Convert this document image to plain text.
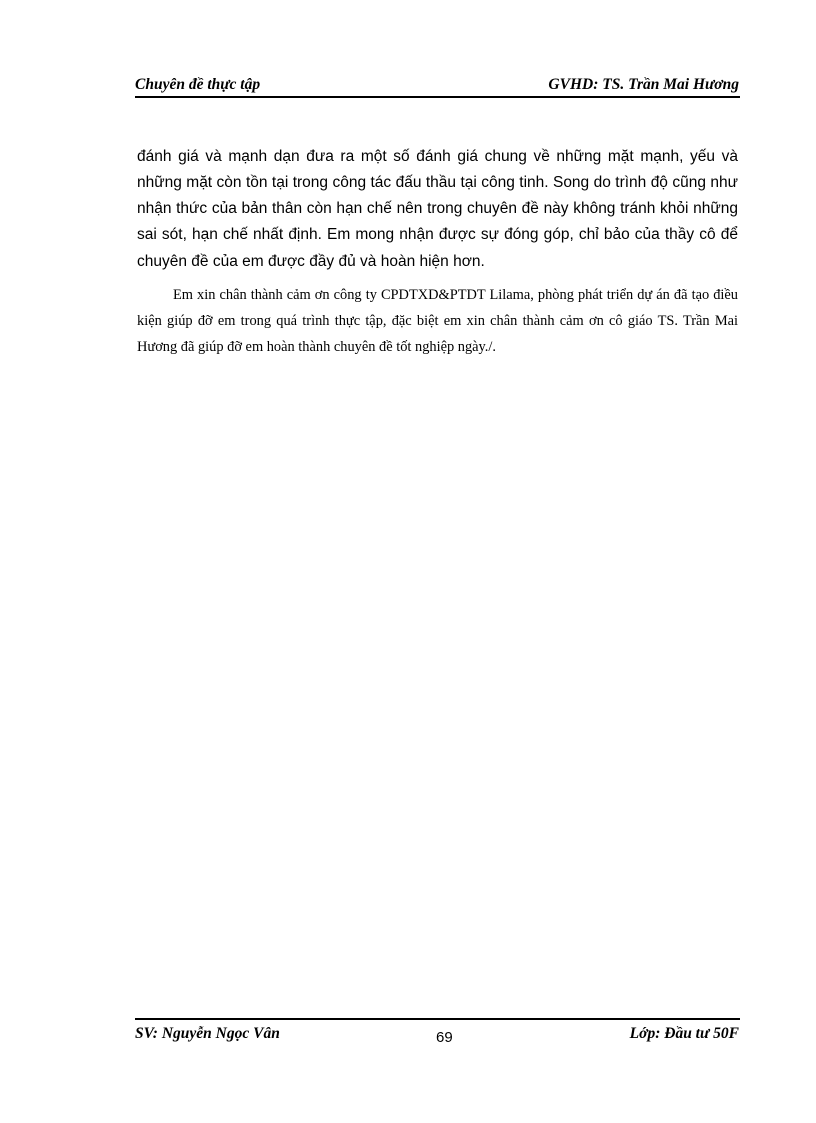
Chuyên đề thực tập	GVHD: TS. Trần Mai Hương

đánh giá và mạnh dạn đưa ra một số đánh giá chung về những mặt mạnh, yếu và những mặt còn tồn tại trong công tác đấu thầu tại công tinh. Song do trình độ cũng như nhận thức của bản thân còn hạn chế nên trong chuyên đề này không tránh khỏi những sai sót, hạn chế nhất định. Em mong nhận được sự đóng góp, chỉ bảo của thầy cô để chuyên đề của em được đầy đủ và hoàn hiện hơn.

Em xin chân thành cảm ơn công ty CPDTXD&PTDT Lilama, phòng phát triển dự án đã tạo điều kiện giúp đỡ em trong quá trình thực tập, đặc biệt em xin chân thành cảm ơn cô giáo TS. Trần Mai Hương đã giúp đỡ em hoàn thành chuyên đề tốt nghiệp ngày./.

SV: Nguyễn Ngọc Vân	69	Lớp: Đầu tư 50F
